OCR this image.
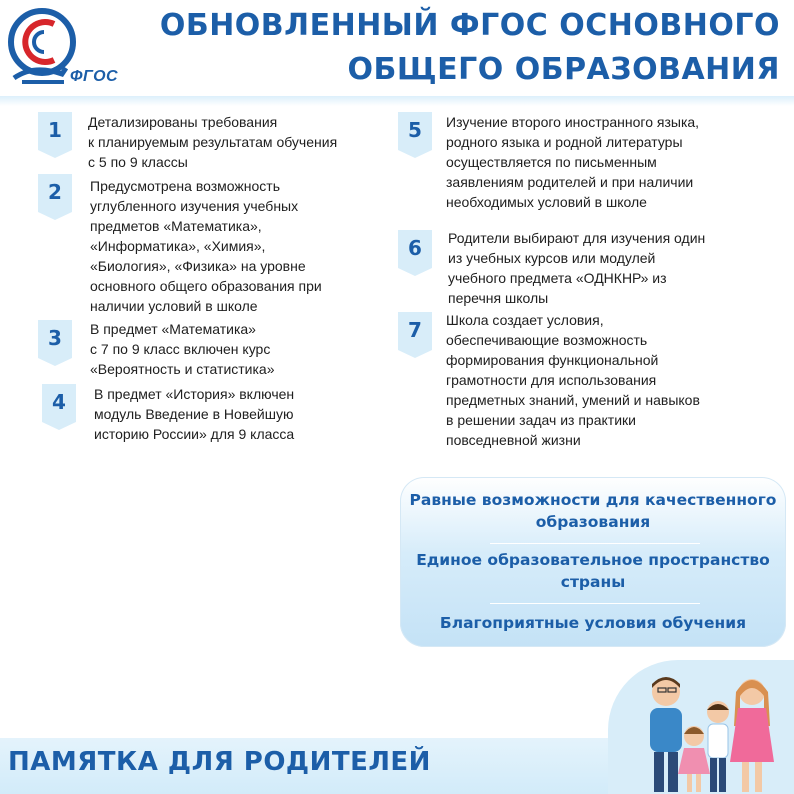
ФГОС
ОБНОВЛЕННЫЙ ФГОС ОСНОВНОГО

ОБЩЕГО ОБРАЗОВАНИЯ
1	Детализированы требования
к планируемым результатам обучения
с 5 по 9 классы
2	Предусмотрена возможность
углубленного изучения учебных
предметов «Математика»,
«Информатика», «Химия»,
«Биология», «Физика» на уровне
основного общего образования при
наличии условий в школе
3	В предмет «Математика»
с 7 по 9 класс включен курс
«Вероятность и статистика»
4	В предмет «История» включен
модуль Введение в Новейшую
историю России» для 9 класса
5	Изучение второго иностранного языка,
родного языка и родной литературы
осуществляется по письменным
заявлениям родителей и при наличии
необходимых условий в школе
6	Родители выбирают для изучения один
из учебных курсов или модулей
учебного предмета «ОДНКНР» из
перечня школы
7	Школа создает условия,
обеспечивающие возможность
формирования функциональной
грамотности для использования
предметных знаний, умений и навыков
в решении задач из практики
повседневной жизни
Равные возможности для качественного образования
Единое образовательное пространство страны
Благоприятные условия обучения
ПАМЯТКА ДЛЯ РОДИТЕЛЕЙ
